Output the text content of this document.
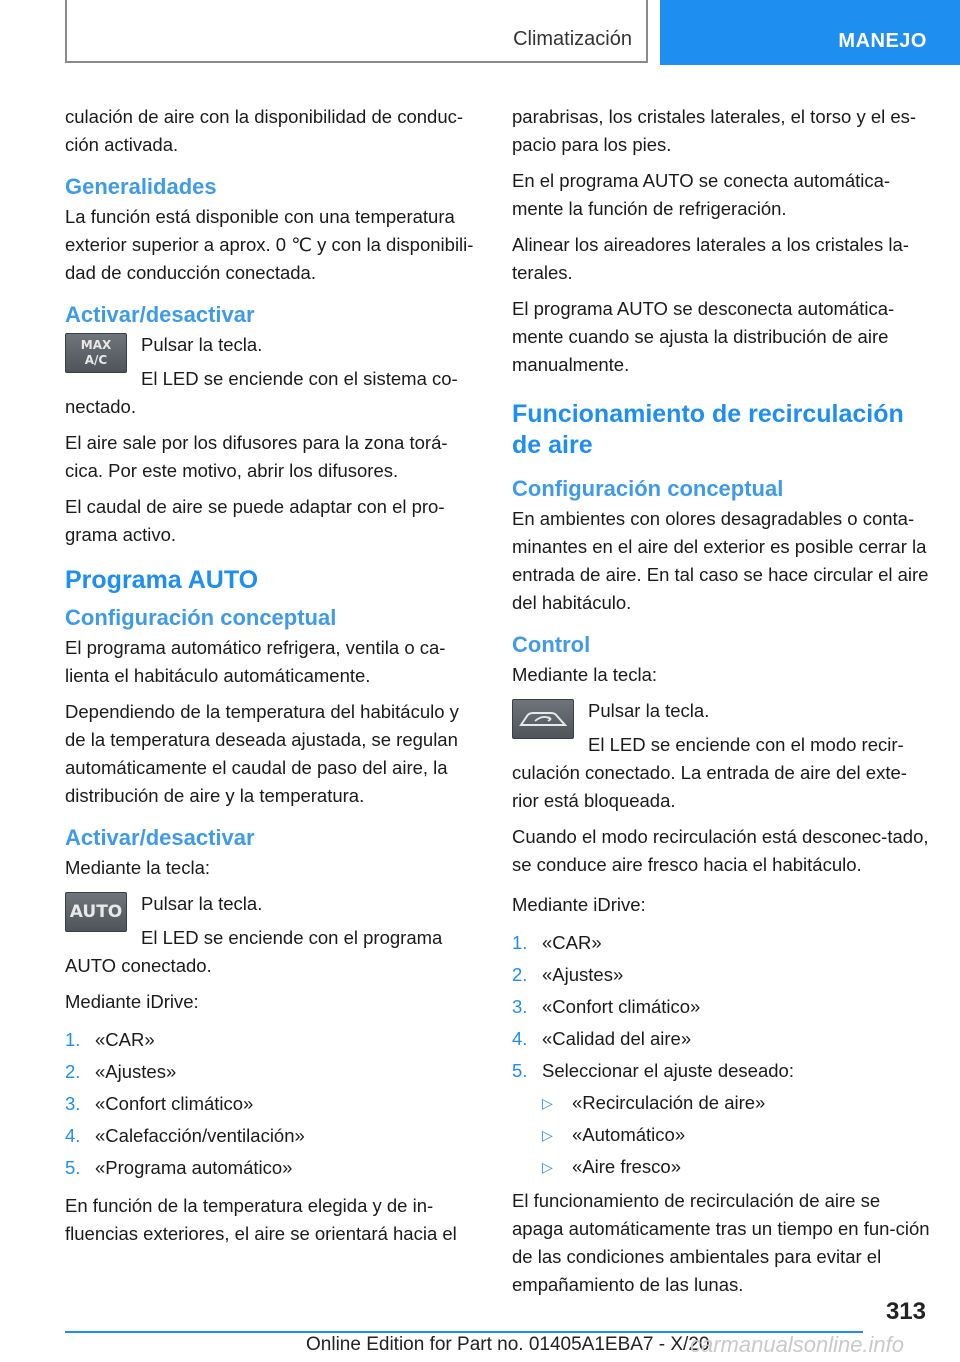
Climatización	MANEJO

culación de aire con la disponibilidad de conduc-ción activada.

Generalidades

La función está disponible con una temperatura exterior superior a aprox. 0 ℃ y con la disponibili-dad de conducción conectada.

Activar/desactivar
MAX
A/C

Pulsar la tecla.

El LED se enciende con el sistema co-nectado.

El aire sale por los difusores para la zona torá-cica. Por este motivo, abrir los difusores.

El caudal de aire se puede adaptar con el pro-grama activo.

Programa AUTO
Configuración conceptual

El programa automático refrigera, ventila o ca-lienta el habitáculo automáticamente.

Dependiendo de la temperatura del habitáculo y de la temperatura deseada ajustada, se regulan automáticamente el caudal de paso del aire, la distribución de aire y la temperatura.

Activar/desactivar

Mediante la tecla:

AUTO Pulsar la tecla.

El LED se enciende con el programa AUTO conectado.

Mediante iDrive:

1. «CAR»
2. «Ajustes»
3. «Confort climático»
4. «Calefacción/ventilación»
5. «Programa automático»

En función de la temperatura elegida y de in-fluencias exteriores, el aire se orientará hacia el

parabrisas, los cristales laterales, el torso y el es-pacio para los pies.

En el programa AUTO se conecta automática-mente la función de refrigeración.

Alinear los aireadores laterales a los cristales la-terales.

El programa AUTO se desconecta automática-mente cuando se ajusta la distribución de aire manualmente.

Funcionamiento de recirculación de aire
Configuración conceptual

En ambientes con olores desagradables o conta-minantes en el aire del exterior es posible cerrar la entrada de aire. En tal caso se hace circular el aire del habitáculo.

Control

Mediante la tecla:

Pulsar la tecla.

El LED se enciende con el modo recir-culación conectado. La entrada de aire del exte-rior está bloqueada.

Cuando el modo recirculación está desconec-tado, se conduce aire fresco hacia el habitáculo.

Mediante iDrive:

1. «CAR»
2. «Ajustes»
3. «Confort climático»
4. «Calidad del aire»
5. Seleccionar el ajuste deseado:
▷ «Recirculación de aire»
▷ «Automático»
▷ «Aire fresco»

El funcionamiento de recirculación de aire se apaga automáticamente tras un tiempo en fun-ción de las condiciones ambientales para evitar el empañamiento de las lunas.

313
Online Edition for Part no. 01405A1EBA7 - X/20
carmanualsonline.info
